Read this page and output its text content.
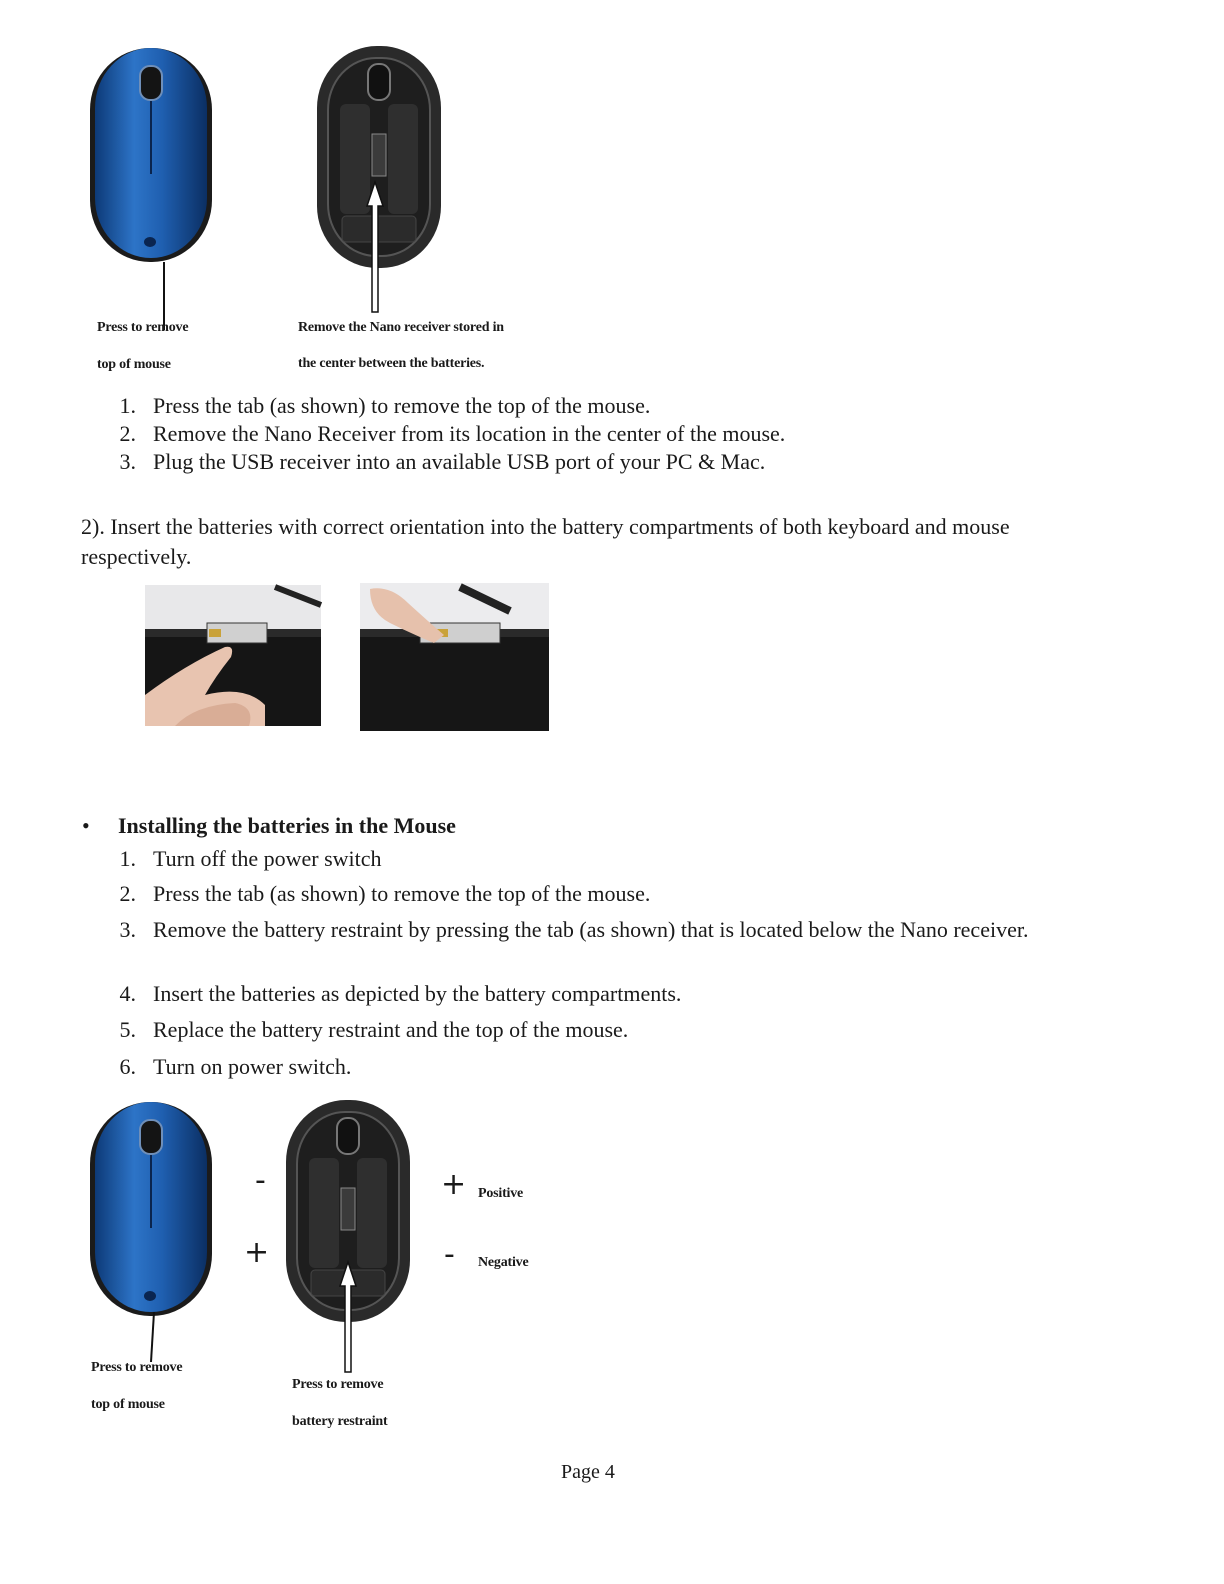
Press to remove
top of mouse
Remove the Nano receiver stored in
the center between the batteries.
1. Press the tab (as shown) to remove the top of the mouse.
2. Remove the Nano Receiver from its location in the center of the mouse.
3. Plug the USB receiver into an available USB port of your PC & Mac.
2). Insert the batteries with correct orientation into the battery compartments of both keyboard and mouse respectively.
• Installing the batteries in the Mouse
1. Turn off the power switch
2. Press the tab (as shown) to remove the top of the mouse.
3. Remove the battery restraint by pressing the tab (as shown) that is located below the Nano receiver.
4. Insert the batteries as depicted by the battery compartments.
5. Replace the battery restraint and the top of the mouse.
6. Turn on power switch.
-
+
+ Positive
- Negative
Press to remove
top of mouse
Press to remove
battery restraint
Page 4
